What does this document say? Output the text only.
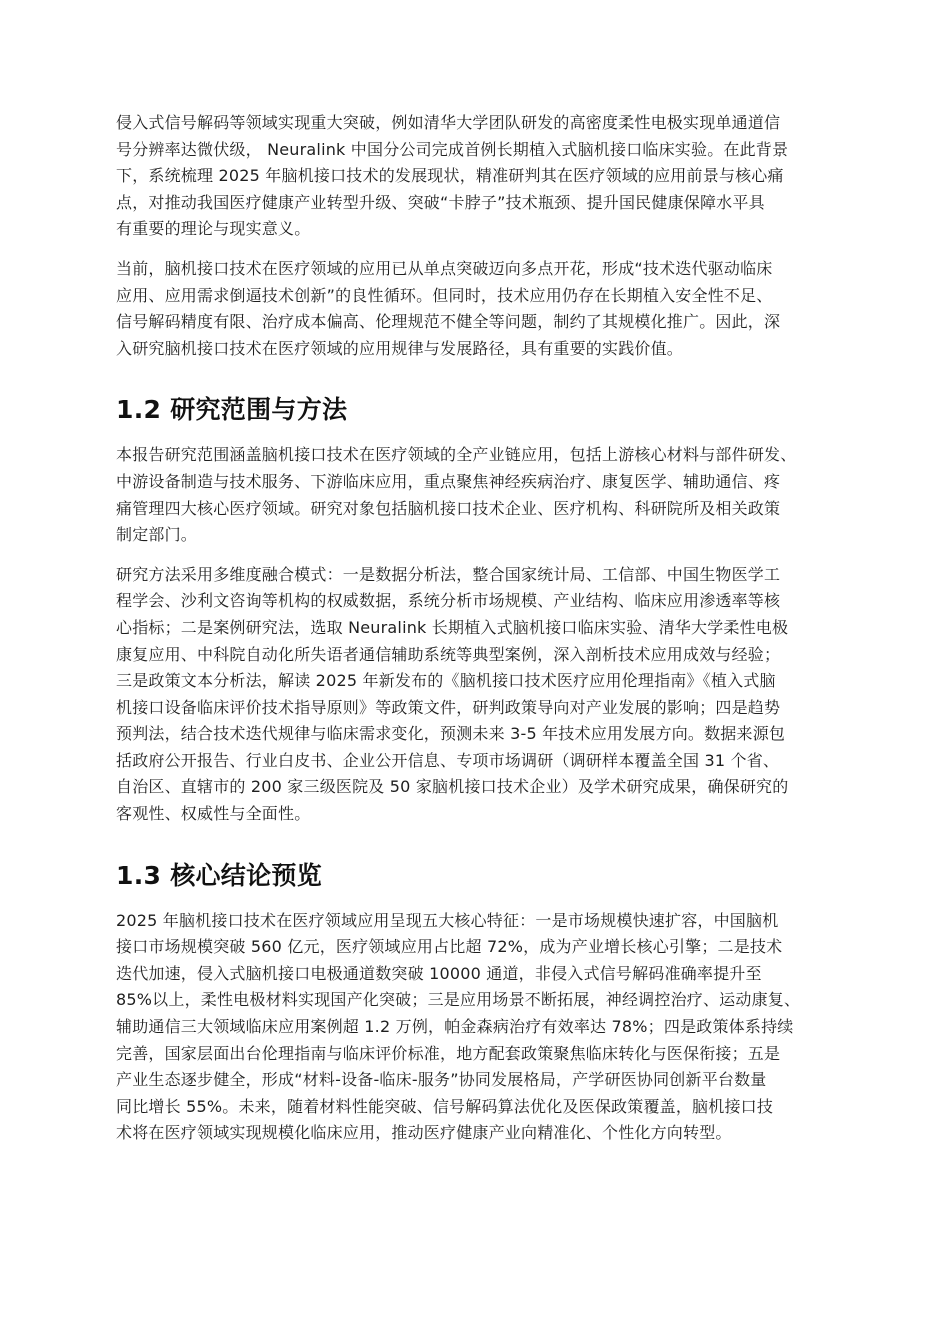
侵入式信号解码等领域实现重大突破，例如清华大学团队研发的高密度柔性电极实现单通道信
号分辨率达微伏级， Neuralink 中国分公司完成首例长期植入式脑机接口临床实验。在此背景
下，系统梳理 2025 年脑机接口技术的发展现状，精准研判其在医疗领域的应用前景与核心痛
点，对推动我国医疗健康产业转型升级、突破“卡脖子”技术瓶颈、提升国民健康保障水平具
有重要的理论与现实意义。

当前，脑机接口技术在医疗领域的应用已从单点突破迈向多点开花，形成“技术迭代驱动临床
应用、应用需求倒逼技术创新”的良性循环。但同时，技术应用仍存在长期植入安全性不足、
信号解码精度有限、治疗成本偏高、伦理规范不健全等问题，制约了其规模化推广。因此，深
入研究脑机接口技术在医疗领域的应用规律与发展路径，具有重要的实践价值。

1.2 研究范围与方法

本报告研究范围涵盖脑机接口技术在医疗领域的全产业链应用，包括上游核心材料与部件研发、
中游设备制造与技术服务、下游临床应用，重点聚焦神经疾病治疗、康复医学、辅助通信、疼
痛管理四大核心医疗领域。研究对象包括脑机接口技术企业、医疗机构、科研院所及相关政策
制定部门。

研究方法采用多维度融合模式：一是数据分析法，整合国家统计局、工信部、中国生物医学工
程学会、沙利文咨询等机构的权威数据，系统分析市场规模、产业结构、临床应用渗透率等核
心指标；二是案例研究法，选取 Neuralink 长期植入式脑机接口临床实验、清华大学柔性电极
康复应用、中科院自动化所失语者通信辅助系统等典型案例，深入剖析技术应用成效与经验；
三是政策文本分析法，解读 2025 年新发布的《脑机接口技术医疗应用伦理指南》《植入式脑
机接口设备临床评价技术指导原则》等政策文件，研判政策导向对产业发展的影响；四是趋势
预判法，结合技术迭代规律与临床需求变化，预测未来 3-5 年技术应用发展方向。数据来源包
括政府公开报告、行业白皮书、企业公开信息、专项市场调研（调研样本覆盖全国 31 个省、
自治区、直辖市的 200 家三级医院及 50 家脑机接口技术企业）及学术研究成果，确保研究的
客观性、权威性与全面性。

1.3 核心结论预览

2025 年脑机接口技术在医疗领域应用呈现五大核心特征：一是市场规模快速扩容，中国脑机
接口市场规模突破 560 亿元，医疗领域应用占比超 72%，成为产业增长核心引擎；二是技术
迭代加速，侵入式脑机接口电极通道数突破 10000 通道，非侵入式信号解码准确率提升至
85%以上，柔性电极材料实现国产化突破；三是应用场景不断拓展，神经调控治疗、运动康复、
辅助通信三大领域临床应用案例超 1.2 万例，帕金森病治疗有效率达 78%；四是政策体系持续
完善，国家层面出台伦理指南与临床评价标准，地方配套政策聚焦临床转化与医保衔接；五是
产业生态逐步健全，形成“材料-设备-临床-服务”协同发展格局，产学研医协同创新平台数量
同比增长 55%。未来，随着材料性能突破、信号解码算法优化及医保政策覆盖，脑机接口技
术将在医疗领域实现规模化临床应用，推动医疗健康产业向精准化、个性化方向转型。
